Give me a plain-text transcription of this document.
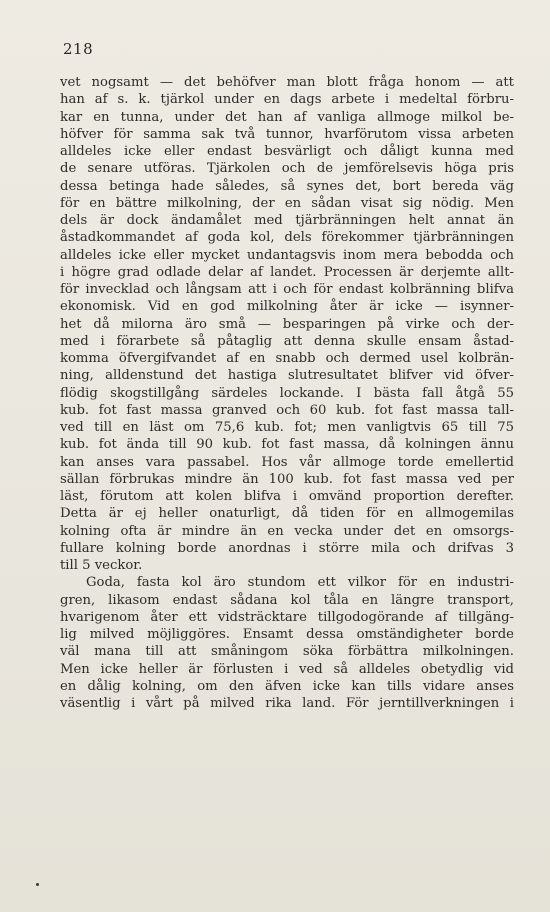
218
vet nogsamt — det behöfver man blott fråga honom — att
han af s. k. tjärkol under en dags arbete i medeltal förbru-
kar en tunna, under det han af vanliga allmoge milkol be-
höfver för samma sak två tunnor, hvarförutom vissa arbeten
alldeles icke eller endast besvärligt och dåligt kunna med
de senare utföras. Tjärkolen och de jemförelsevis höga pris
dessa betinga hade således, så synes det, bort bereda väg
för en bättre milkolning, der en sådan visat sig nödig. Men
dels är dock ändamålet med tjärbränningen helt annat än
åstadkommandet af goda kol, dels förekommer tjärbränningen
alldeles icke eller mycket undantagsvis inom mera bebodda och
i högre grad odlade delar af landet. Processen är derjemte allt-
för invecklad och långsam att i och för endast kolbränning blifva
ekonomisk. Vid en god milkolning åter är icke — isynner-
het då milorna äro små — besparingen på virke och der-
med i förarbete så påtaglig att denna skulle ensam åstad-
komma öfvergifvandet af en snabb och dermed usel kolbrän-
ning, alldenstund det hastiga slutresultatet blifver vid öfver-
flödig skogstillgång särdeles lockande. I bästa fall åtgå 55
kub. fot fast massa granved och 60 kub. fot fast massa tall-
ved till en läst om 75,6 kub. fot; men vanligtvis 65 till 75
kub. fot ända till 90 kub. fot fast massa, då kolningen ännu
kan anses vara passabel. Hos vår allmoge torde emellertid
sällan förbrukas mindre än 100 kub. fot fast massa ved per
läst, förutom att kolen blifva i omvänd proportion derefter.
Detta är ej heller onaturligt, då tiden för en allmogemilas
kolning ofta är mindre än en vecka under det en omsorgs-
fullare kolning borde anordnas i större mila och drifvas 3
till 5 veckor.
Goda, fasta kol äro stundom ett vilkor för en industri-
gren, likasom endast sådana kol tåla en längre transport,
hvarigenom åter ett vidsträcktare tillgodogörande af tillgäng-
lig milved möjliggöres. Ensamt dessa omständigheter borde
väl mana till att småningom söka förbättra milkolningen.
Men icke heller är förlusten i ved så alldeles obetydlig vid
en dålig kolning, om den äfven icke kan tills vidare anses
väsentlig i vårt på milved rika land. För jerntillverkningen i
